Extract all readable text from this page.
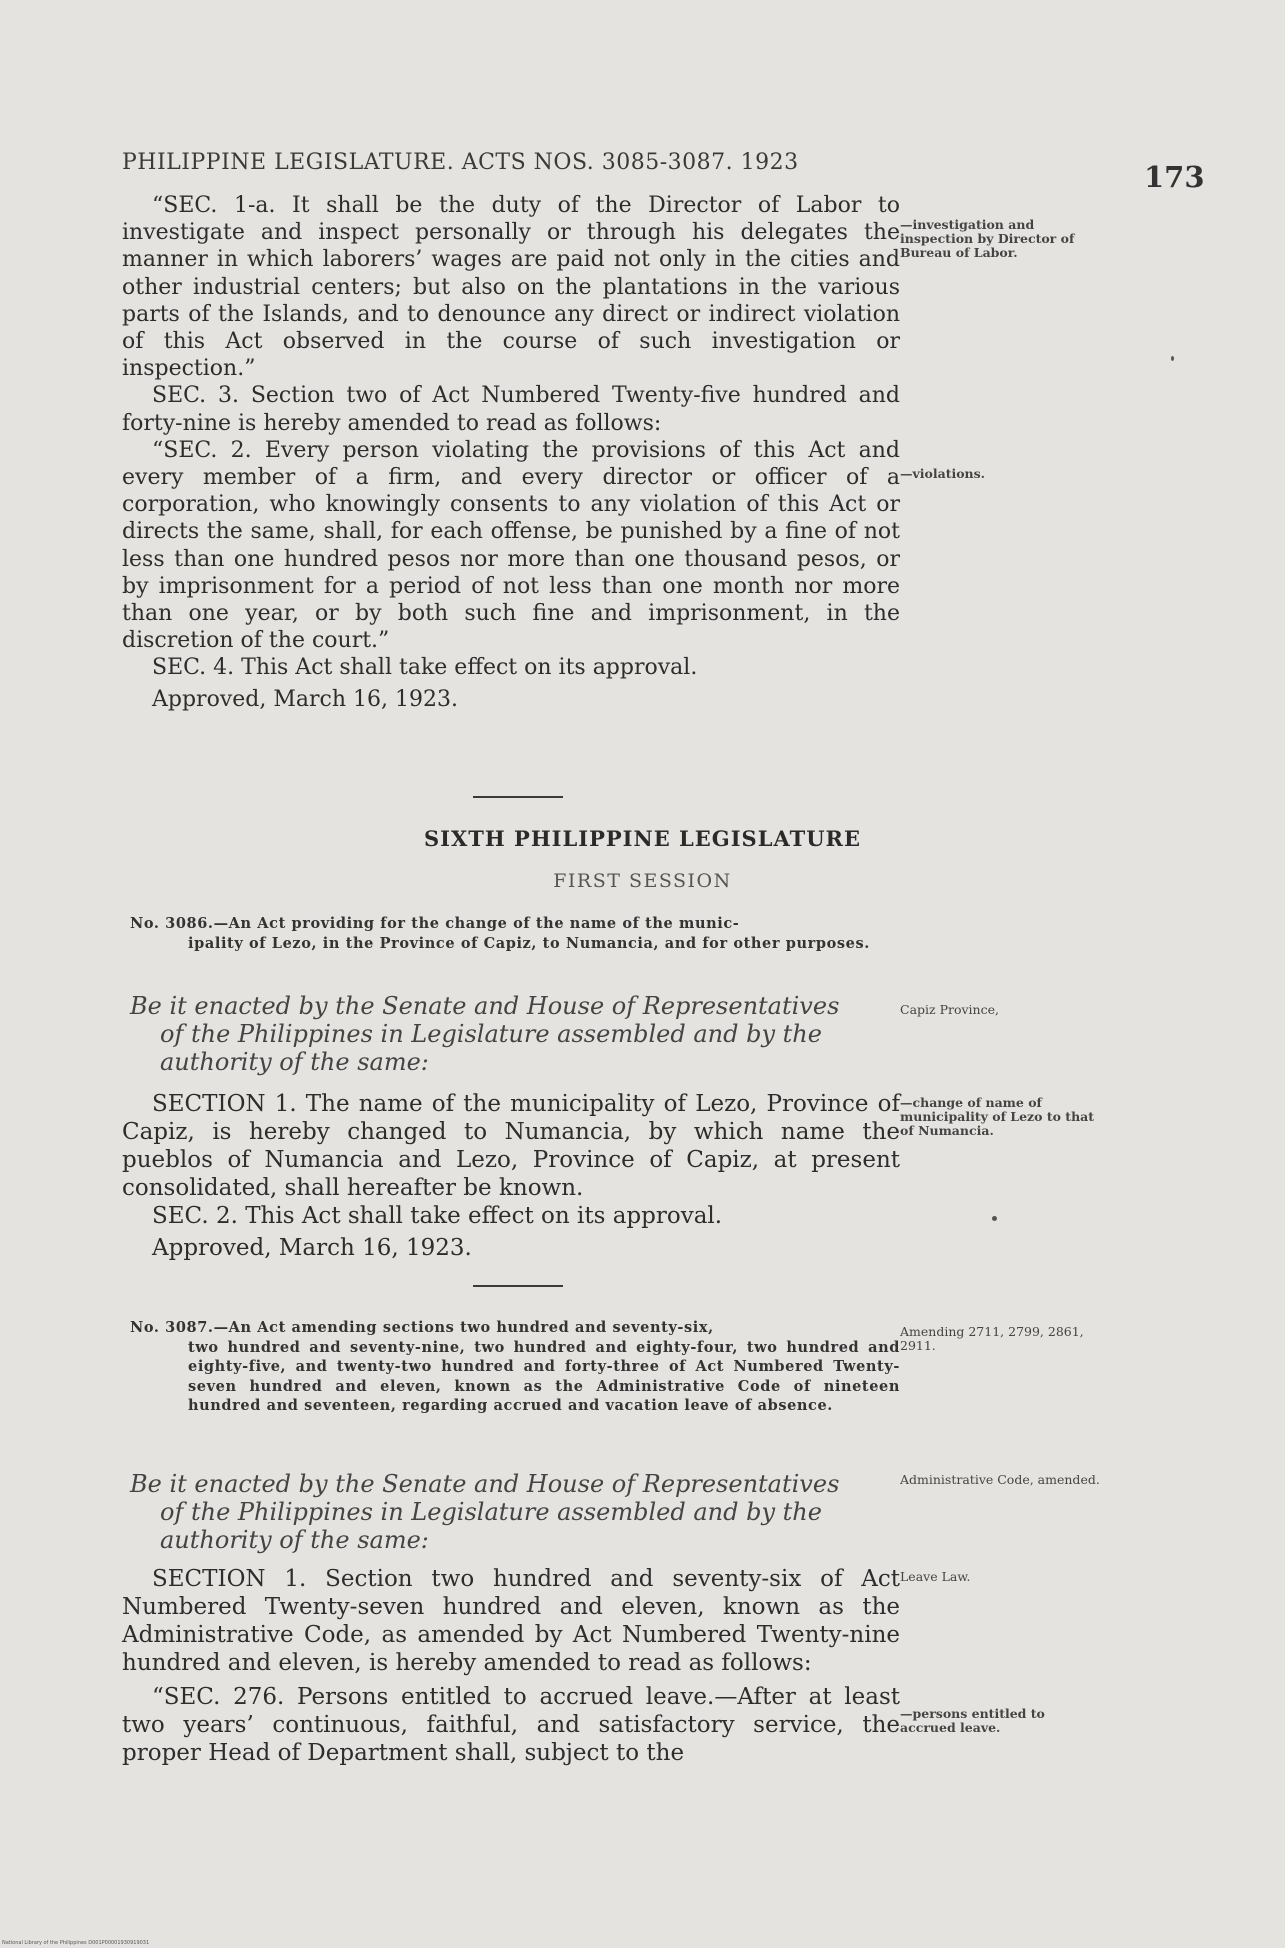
PHILIPPINE LEGISLATURE. ACTS NOS. 3085-3087. 1923	173

“SEC. 1-a. It shall be the duty of the Director of Labor to investigate and inspect personally or through his delegates the manner in which laborers’ wages are paid not only in the cities and other industrial centers; but also on the plantations in the various parts of the Islands, and to denounce any direct or indirect violation of this Act observed in the course of such investigation or inspection.”

SEC. 3. Section two of Act Numbered Twenty-five hundred and forty-nine is hereby amended to read as follows:

“SEC. 2. Every person violating the provisions of this Act and every member of a firm, and every director or officer of a corporation, who knowingly consents to any violation of this Act or directs the same, shall, for each offense, be punished by a fine of not less than one hundred pesos nor more than one thousand pesos, or by imprisonment for a period of not less than one month nor more than one year, or by both such fine and imprisonment, in the discretion of the court.”

SEC. 4. This Act shall take effect on its approval.

Approved, March 16, 1923.

—investigation and inspection by Director of Bureau of Labor.
—violations.
SIXTH PHILIPPINE LEGISLATURE
FIRST SESSION
No. 3086.—An Act providing for the change of the name of the munic-
ipality of Lezo, in the Province of Capiz, to Numancia, and for other purposes.
Be it enacted by the Senate and House of Representatives
of the Philippines in Legislature assembled and by the authority of the same:
Capiz Province,

SECTION 1. The name of the municipality of Lezo, Province of Capiz, is hereby changed to Numancia, by which name the pueblos of Numancia and Lezo, Province of Capiz, at present consolidated, shall hereafter be known.

SEC. 2. This Act shall take effect on its approval.

Approved, March 16, 1923.

—change of name of municipality of Lezo to that of Numancia.
No. 3087.—An Act amending sections two hundred and seventy-six,
two hundred and seventy-nine, two hundred and eighty-four, two hundred and eighty-five, and twenty-two hundred and forty-three of Act Numbered Twenty-seven hundred and eleven, known as the Administrative Code of nineteen hundred and seventeen, regarding accrued and vacation leave of absence.
Amending 2711, 2799, 2861, 2911.
Be it enacted by the Senate and House of Representatives
of the Philippines in Legislature assembled and by the authority of the same:
Administrative Code, amended.

SECTION 1. Section two hundred and seventy-six of Act Numbered Twenty-seven hundred and eleven, known as the Administrative Code, as amended by Act Numbered Twenty-nine hundred and eleven, is hereby amended to read as follows:

“SEC. 276. Persons entitled to accrued leave.—After at least two years’ continuous, faithful, and satisfactory service, the proper Head of Department shall, subject to the

Leave Law.
—persons entitled to accrued leave.
National Library of the Philippines D001P00001930919031
